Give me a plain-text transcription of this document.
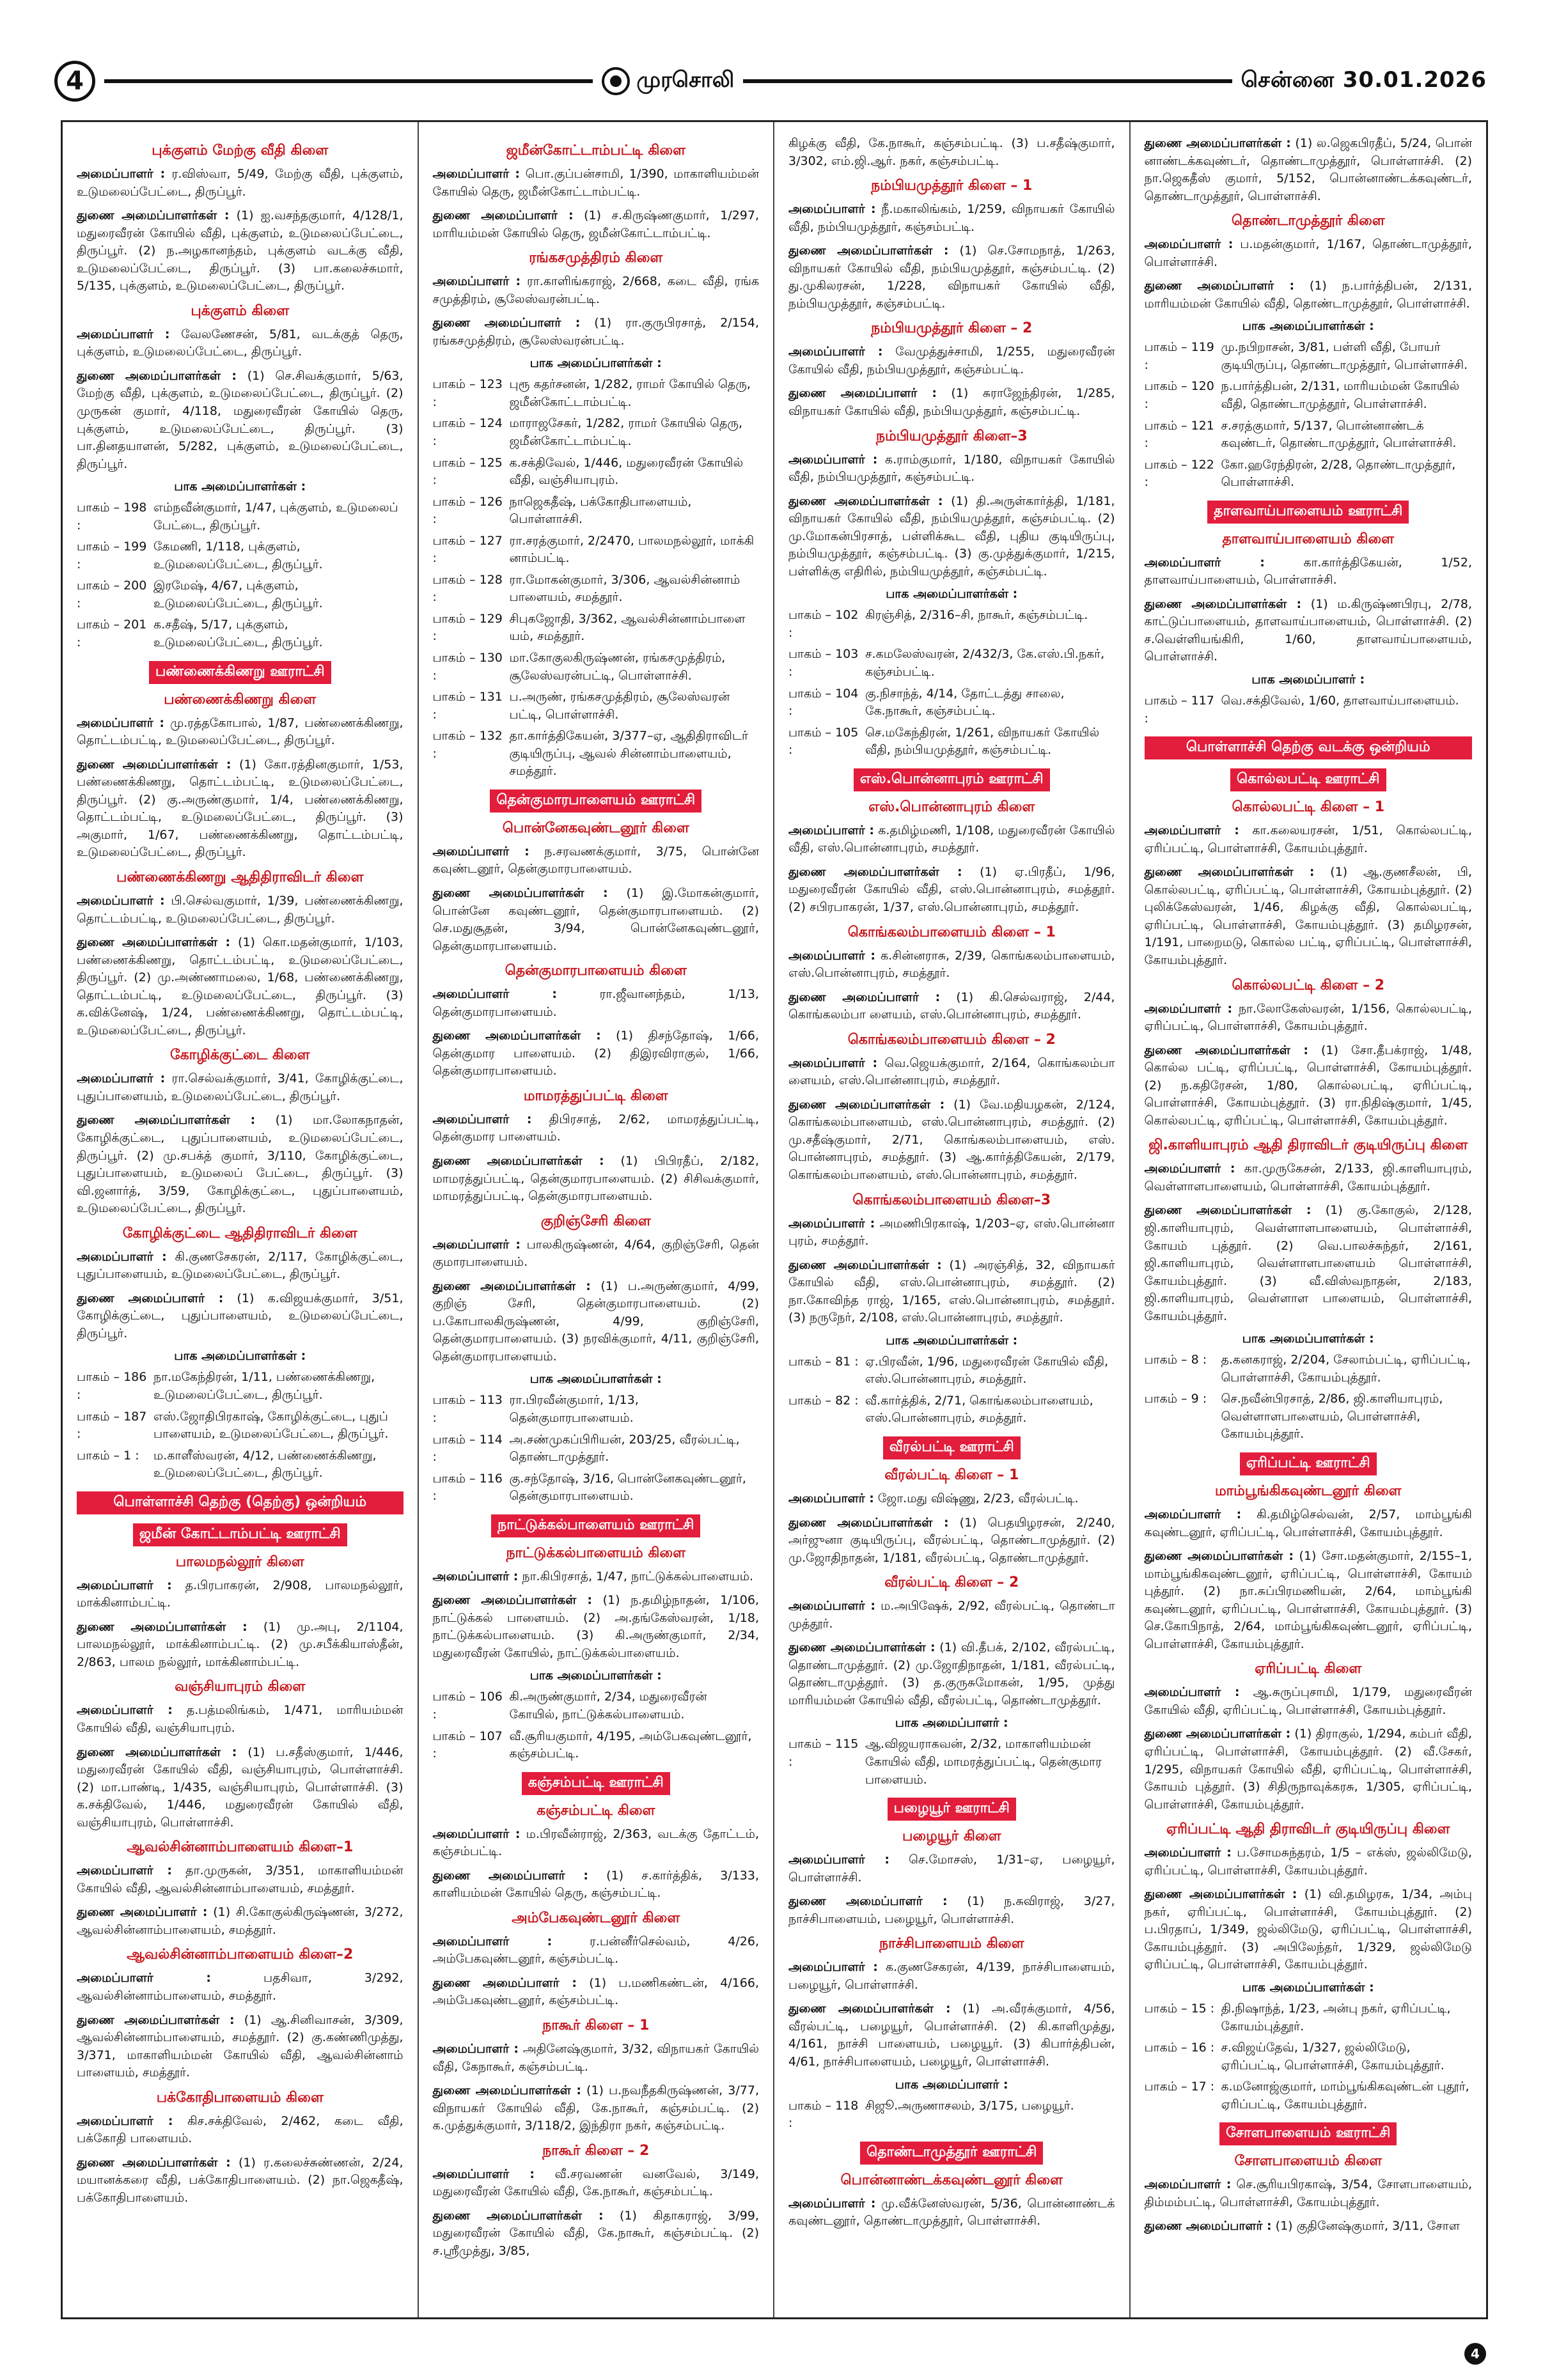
4	முரசொலி	சென்னை 30.01.2026
புக்குளம் மேற்கு வீதி கிளை

அமைப்பாளர் : ர.விஸ்வா, 5/49, மேற்கு வீதி, புக்குளம், உடுமலைப்பேட்டை, திருப்பூர்.

துணை அமைப்பாளர்கள் : (1) ஐ.வசந்தகுமார், 4/128/1, மதுரைவீரன் கோயில் வீதி, புக்குளம், உடுமலைப்பேட்டை, திருப்பூர். (2) ந.அழகானந்தம், புக்குளம் வடக்கு வீதி, உடுமலைப்பேட்டை, திருப்பூர். (3) பா.கலைச்சுமார், 5/135, புக்குளம், உடுமலைப்பேட்டை, திருப்பூர்.

புக்குளம் கிளை

அமைப்பாளர் : வேலணேசன், 5/81, வடக்குத் தெரு, புக்குளம், உடுமலைப்பேட்டை, திருப்பூர்.

துணை அமைப்பாளர்கள் : (1) செ.சிவக்குமார், 5/63, மேற்கு வீதி, புக்குளம், உடுமலைப்பேட்டை, திருப்பூர். (2) முருகன் குமார், 4/118, மதுரைவீரன் கோயில் தெரு, புக்குளம், உடுமலைப்பேட்டை, திருப்பூர். (3) பா.தினதயாளன், 5/282, புக்குளம், உடுமலைப்பேட்டை, திருப்பூர்.

பாக அமைப்பாளர்கள் :
பாகம் – 198 :
எம்நவீன்குமார், 1/47, புக்குளம், உடுமலைப் பேட்டை, திருப்பூர்.
பாகம் – 199 :
கேமணி, 1/118, புக்குளம், உடுமலைப்பேட்டை, திருப்பூர்.
பாகம் – 200 :
இரமேஷ், 4/67, புக்குளம், உடுமலைப்பேட்டை, திருப்பூர்.
பாகம் – 201 :
க.சதீஷ், 5/17, புக்குளம், உடுமலைப்பேட்டை, திருப்பூர்.
பண்ணைக்கிணறு ஊராட்சி
பண்ணைக்கிணறு கிளை

அமைப்பாளர் : மு.ரத்தகோபால், 1/87, பண்ணைக்கிணறு, தொட்டம்பட்டி, உடுமலைப்பேட்டை, திருப்பூர்.

துணை அமைப்பாளர்கள் : (1) கோ.ரத்தினகுமார், 1/53, பண்ணைக்கிணறு, தொட்டம்பட்டி, உடுமலைப்பேட்டை, திருப்பூர். (2) கு.அருண்குமார், 1/4, பண்ணைக்கிணறு, தொட்டம்பட்டி, உடுமலைப்பேட்டை, திருப்பூர். (3) அகுமார், 1/67, பண்ணைக்கிணறு, தொட்டம்பட்டி, உடுமலைப்பேட்டை, திருப்பூர்.

பண்ணைக்கிணறு ஆதிதிராவிடர் கிளை

அமைப்பாளர் : பி.செல்வகுமார், 1/39, பண்ணைக்கிணறு, தொட்டம்பட்டி, உடுமலைப்பேட்டை, திருப்பூர்.

துணை அமைப்பாளர்கள் : (1) கொ.மதன்குமார், 1/103, பண்ணைக்கிணறு, தொட்டம்பட்டி, உடுமலைப்பேட்டை, திருப்பூர். (2) மு.அண்ணாமலை, 1/68, பண்ணைக்கிணறு, தொட்டம்பட்டி, உடுமலைப்பேட்டை, திருப்பூர். (3) க.விக்னேஷ், 1/24, பண்ணைக்கிணறு, தொட்டம்பட்டி, உடுமலைப்பேட்டை, திருப்பூர்.

கோழிக்குட்டை கிளை

அமைப்பாளர் : ரா.செல்வக்குமார், 3/41, கோழிக்குட்டை, புதுப்பாளையம், உடுமலைப்பேட்டை, திருப்பூர்.

துணை அமைப்பாளர்கள் : (1) மா.லோகநாதன், கோழிக்குட்டை, புதுப்பாளையம், உடுமலைப்பேட்டை, திருப்பூர். (2) மு.சபக்த் குமார், 3/110, கோழிக்குட்டை, புதுப்பாளையம், உடுமலைப் பேட்டை, திருப்பூர். (3) வி.ஜனார்த், 3/59, கோழிக்குட்டை, புதுப்பாளையம், உடுமலைப்பேட்டை, திருப்பூர்.

கோழிக்குட்டை ஆதிதிராவிடர் கிளை

அமைப்பாளர் : கி.குணசேகரன், 2/117, கோழிக்குட்டை, புதுப்பாளையம், உடுமலைப்பேட்டை, திருப்பூர்.

துணை அமைப்பாளர் : (1) க.விஜயக்குமார், 3/51, கோழிக்குட்டை, புதுப்பாளையம், உடுமலைப்பேட்டை, திருப்பூர்.

பாக அமைப்பாளர்கள் :
பாகம் – 186 :
நா.மகேந்திரன், 1/11, பண்ணைக்கிணறு, உடுமலைப்பேட்டை, திருப்பூர்.
பாகம் – 187 :
எஸ்.ஜோதிபிரகாஷ், கோழிக்குட்டை, புதுப் பாளையம், உடுமலைப்பேட்டை, திருப்பூர்.
பாகம் – 1 :	ம.காளீஸ்வரன், 4/12, பண்ணைக்கிணறு, உடுமலைப்பேட்டை, திருப்பூர்.
பொள்ளாச்சி தெற்கு (தெற்கு) ஒன்றியம்
ஜமீன் கோட்டாம்பட்டி ஊராட்சி
பாலமநல்லூர் கிளை

அமைப்பாளர் : த.பிரபாகரன், 2/908, பாலமநல்லூர், மாக்கினாம்பட்டி.

துணை அமைப்பாளர்கள் : (1) மு.அபு, 2/1104, பாலமநல்லூர், மாக்கினாம்பட்டி. (2) மு.சபீக்கியாஸ்தீன், 2/863, பாலம நல்லூர், மாக்கினாம்பட்டி.

வஞ்சியாபுரம் கிளை

அமைப்பாளர் : த.பத்மலிங்கம், 1/471, மாரியம்மன் கோயில் வீதி, வஞ்சியாபுரம்.

துணை அமைப்பாளர்கள் : (1) ப.சதீஸ்குமார், 1/446, மதுரைவீரன் கோயில் வீதி, வஞ்சியாபுரம், பொள்ளாச்சி. (2) மா.பாண்டி, 1/435, வஞ்சியாபுரம், பொள்ளாச்சி. (3) க.சக்திவேல், 1/446, மதுரைவீரன் கோயில் வீதி, வஞ்சியாபுரம், பொள்ளாச்சி.

ஆவல்சின்னாம்பாளையம் கிளை–1

அமைப்பாளர் : தா.முருகன், 3/351, மாகாளியம்மன் கோயில் வீதி, ஆவல்சின்னாம்பாளையம், சமத்தூர்.

துணை அமைப்பாளர் : (1) சி.கோகுல்கிருஷ்ணன், 3/272, ஆவல்சின்னாம்பாளையம், சமத்தூர்.

ஆவல்சின்னாம்பாளையம் கிளை–2

அமைப்பாளர் : பதசிவா, 3/292, ஆவல்சின்னாம்பாளையம், சமத்தூர்.

துணை அமைப்பாளர்கள் : (1) ஆ.சினிவாசன், 3/309, ஆவல்சின்னாம்பாளையம், சமத்தூர். (2) கு.கண்ணிமுத்து, 3/371, மாகாளியம்மன் கோயில் வீதி, ஆவல்சின்னாம் பாளையம், சமத்தூர்.

பக்கோதிபாளையம் கிளை

அமைப்பாளர் : கிச.சக்திவேல், 2/462, கடை வீதி, பக்கோதி பாளையம்.

துணை அமைப்பாளர்கள் : (1) ர.கலைச்சுண்ணன், 2/24, மயானக்கரை வீதி, பக்கோதிபாளையம். (2) நா.ஜெகதீஷ், பக்கோதிபாளையம்.

ஜமீன்கோட்டாம்பட்டி கிளை

அமைப்பாளர் : பொ.குப்பன்சாமி, 1/390, மாகாளியம்மன் கோயில் தெரு, ஜமீன்கோட்டாம்பட்டி.

துணை அமைப்பாளர் : (1) ச.கிருஷ்ணகுமார், 1/297, மாரியம்மன் கோயில் தெரு, ஜமீன்கோட்டாம்பட்டி.

ரங்கசமுத்திரம் கிளை

அமைப்பாளர் : ரா.காளிங்கராஜ், 2/668, கடை வீதி, ரங்க சமுத்திரம், சூலேஸ்வரன்பட்டி.

துணை அமைப்பாளர் : (1) ரா.குருபிரசாத், 2/154, ரங்கசமுத்திரம், சூலேஸ்வரன்பட்டி.

பாக அமைப்பாளர்கள் :
பாகம் – 123 :
புரூ கதர்சனன், 1/282, ராமர் கோயில் தெரு, ஜமீன்கோட்டாம்பட்டி.
பாகம் – 124 :
மாராஜசேகர், 1/282, ராமர் கோயில் தெரு, ஜமீன்கோட்டாம்பட்டி.
பாகம் – 125 :
க.சக்திவேல், 1/446, மதுரைவீரன் கோயில் வீதி, வஞ்சியாபுரம்.
பாகம் – 126 :
நாஜெகதீஷ், பக்கோதிபாளையம், பொள்ளாச்சி.
பாகம் – 127 :
ரா.சரத்குமார், 2/2470, பாலமநல்லூர், மாக்கி னாம்பட்டி.
பாகம் – 128 :
ரா.மோகன்குமார், 3/306, ஆவல்சின்னாம் பாளையம், சமத்தூர்.
பாகம் – 129 :
சிபுகஜோதி, 3/362, ஆவல்சின்னாம்பாளை யம், சமத்தூர்.
பாகம் – 130 :
மா.கோகுலகிருஷ்ணன், ரங்கசமுத்திரம், சூலேஸ்வரன்பட்டி, பொள்ளாச்சி.
பாகம் – 131 :
ப.அருண், ரங்கசமுத்திரம், சூலேஸ்வரன் பட்டி, பொள்ளாச்சி.
பாகம் – 132 :
தா.கார்த்திகேயன், 3/377–ஏ, ஆதிதிராவிடர் குடியிருப்பு, ஆவல் சின்னாம்பாளையம், சமத்தூர்.
தென்குமாரபாளையம் ஊராட்சி
பொன்னேகவுண்டனூர் கிளை

அமைப்பாளர் : ந.சரவணக்குமார், 3/75, பொன்னே கவுண்டனூர், தென்குமாரபாளையம்.

துணை அமைப்பாளர்கள் : (1) இ.மோகன்குமார், பொன்னே கவுண்டனூர், தென்குமாரபாளையம். (2) செ.மதுசூதன், 3/94, பொன்னேகவுண்டனூர், தென்குமாரபாளையம்.

தென்குமாரபாளையம் கிளை

அமைப்பாளர் : ரா.ஜீவானந்தம், 1/13, தென்குமாரபாளையம்.

துணை அமைப்பாளர்கள் : (1) திசந்தோஷ், 1/66, தென்குமார பாளையம். (2) திஇரவிராகுல், 1/66, தென்குமாரபாளையம்.

மாமரத்துப்பட்டி கிளை

அமைப்பாளர் : திபிரசாத், 2/62, மாமரத்துப்பட்டி, தென்குமார பாளையம்.

துணை அமைப்பாளர்கள் : (1) பிபிரதீப், 2/182, மாமரத்துப்பட்டி, தென்குமாரபாளையம். (2) சிசிவக்குமார், மாமரத்துப்பட்டி, தென்குமாரபாளையம்.

குறிஞ்சேரி கிளை

அமைப்பாளர் : பாலகிருஷ்ணன், 4/64, குறிஞ்சேரி, தென் குமாரபாளையம்.

துணை அமைப்பாளர்கள் : (1) ப.அருண்குமார், 4/99, குறிஞ் சேரி, தென்குமாரபாளையம். (2) ப.கோபாலகிருஷ்ணன், 4/99, குறிஞ்சேரி, தென்குமாரபாளையம். (3) நரவிக்குமார், 4/11, குறிஞ்சேரி, தென்குமாரபாளையம்.

பாக அமைப்பாளர்கள் :
பாகம் – 113 :
ரா.பிரவீன்குமார், 1/13, தென்குமாரபாளையம்.
பாகம் – 114 :
அ.சண்முகப்பிரியன், 203/25, வீரல்பட்டி, தொண்டாமுத்தூர்.
பாகம் – 116 :
கு.சந்தோஷ், 3/16, பொன்னேகவுண்டனூர், தென்குமாரபாளையம்.
நாட்டுக்கல்பாளையம் ஊராட்சி
நாட்டுக்கல்பாளையம் கிளை

அமைப்பாளர் : நா.கிபிரசாத், 1/47, நாட்டுக்கல்பாளையம்.

துணை அமைப்பாளர்கள் : (1) ந.தமிழ்நாதன், 1/106, நாட்டுக்கல் பாளையம். (2) அ.தங்கேஸ்வரன், 1/18, நாட்டுக்கல்பாளையம். (3) கி.அருண்குமார், 2/34, மதுரைவீரன் கோயில், நாட்டுக்கல்பாளையம்.

பாக அமைப்பாளர்கள் :
பாகம் – 106 :
கி.அருண்குமார், 2/34, மதுரைவீரன் கோயில், நாட்டுக்கல்பாளையம்.
பாகம் – 107 :
வீ.சூரியகுமார், 4/195, அம்பேகவுண்டனூர், கஞ்சம்பட்டி.
கஞ்சம்பட்டி ஊராட்சி
கஞ்சம்பட்டி கிளை

அமைப்பாளர் : ம.பிரவீன்ராஜ், 2/363, வடக்கு தோட்டம், கஞ்சம்பட்டி.

துணை அமைப்பாளர் : (1) ச.கார்த்திக், 3/133, காளியம்மன் கோயில் தெரு, கஞ்சம்பட்டி.

அம்பேகவுண்டனூர் கிளை

அமைப்பாளர் : ர.பன்னீர்செல்வம், 4/26, அம்பேகவுண்டனூர், கஞ்சம்பட்டி.

துணை அமைப்பாளர் : (1) ப.மணிகண்டன், 4/166, அம்பேகவுண்டனூர், கஞ்சம்பட்டி.

நாகூர் கிளை – 1

அமைப்பாளர் : அதினேஷ்குமார், 3/32, விநாயகர் கோயில் வீதி, கேநாகூர், கஞ்சம்பட்டி.

துணை அமைப்பாளர்கள் : (1) ப.நவநீதகிருஷ்ணன், 3/77, விநாயகர் கோயில் வீதி, கே.நாகூர், கஞ்சம்பட்டி. (2) க.முத்துக்குமார், 3/118/2, இந்திரா நகர், கஞ்சம்பட்டி.

நாகூர் கிளை – 2

அமைப்பாளர் : வீ.சரவணன் வனவேல், 3/149, மதுரைவீரன் கோயில் வீதி, கே.நாகூர், கஞ்சம்பட்டி.

துணை அமைப்பாளர்கள் : (1) கிதாகராஜ், 3/99, மதுரைவீரன் கோயில் வீதி, கே.நாகூர், கஞ்சம்பட்டி. (2) ச.ஸ்ரீமுத்து, 3/85,

கிழக்கு வீதி, கே.நாகூர், கஞ்சம்பட்டி. (3) ப.சதீஷ்குமார், 3/302, எம்.ஜி.ஆர். நகர், கஞ்சம்பட்டி.

நம்பியமுத்தூர் கிளை – 1

அமைப்பாளர் : நீ.மகாலிங்கம், 1/259, விநாயகர் கோயில் வீதி, நம்பியமுத்தூர், கஞ்சம்பட்டி.

துணை அமைப்பாளர்கள் : (1) செ.சோமநாத், 1/263, விநாயகர் கோயில் வீதி, நம்பியமுத்தூர், கஞ்சம்பட்டி. (2) து.முகிலரசன், 1/228, விநாயகர் கோயில் வீதி, நம்பியமுத்தூர், கஞ்சம்பட்டி.

நம்பியமுத்தூர் கிளை – 2

அமைப்பாளர் : வேமுத்துச்சாமி, 1/255, மதுரைவீரன் கோயில் வீதி, நம்பியமுத்தூர், கஞ்சம்பட்டி.

துணை அமைப்பாளர் : (1) சுராஜேந்திரன், 1/285, விநாயகர் கோயில் வீதி, நம்பியமுத்தூர், கஞ்சம்பட்டி.

நம்பியமுத்தூர் கிளை–3

அமைப்பாளர் : க.ராம்குமார், 1/180, விநாயகர் கோயில் வீதி, நம்பியமுத்தூர், கஞ்சம்பட்டி.

துணை அமைப்பாளர்கள் : (1) தி.அருள்கார்த்தி, 1/181, விநாயகர் கோயில் வீதி, நம்பியமுத்தூர், கஞ்சம்பட்டி. (2) மு.மோகன்பிரசாத், பள்ளிக்கூட வீதி, புதிய குடியிருப்பு, நம்பியமுத்தூர், கஞ்சம்பட்டி. (3) கு.முத்துக்குமார், 1/215, பள்ளிக்கு எதிரில், நம்பியமுத்தூர், கஞ்சம்பட்டி.

பாக அமைப்பாளர்கள் :
பாகம் – 102 :
கிரஞ்சித், 2/316–சி, நாகூர், கஞ்சம்பட்டி.
பாகம் – 103 :
ச.கமலேஸ்வரன், 2/432/3, கே.எஸ்.பி.நகர், கஞ்சம்பட்டி.
பாகம் – 104 :
கு.நிசாந்த், 4/14, தோட்டத்து சாலை, கே.நாகூர், கஞ்சம்பட்டி.
பாகம் – 105 :
செ.மகேந்திரன், 1/261, விநாயகர் கோயில் வீதி, நம்பியமுத்தூர், கஞ்சம்பட்டி.
எஸ்.பொன்னாபுரம் ஊராட்சி
எஸ்.பொன்னாபுரம் கிளை

அமைப்பாளர் : க.தமிழ்மணி, 1/108, மதுரைவீரன் கோயில் வீதி, எஸ்.பொன்னாபுரம், சமத்தூர்.

துணை அமைப்பாளர்கள் : (1) ஏ.பிரதீப், 1/96, மதுரைவீரன் கோயில் வீதி, எஸ்.பொன்னாபுரம், சமத்தூர். (2) சபிரபாகரன், 1/37, எஸ்.பொன்னாபுரம், சமத்தூர்.

கொங்கலம்பாளையம் கிளை – 1

அமைப்பாளர் : க.சின்னராசு, 2/39, கொங்கலம்பாளையம், எஸ்.பொன்னாபுரம், சமத்தூர்.

துணை அமைப்பாளர் : (1) கி.செல்வராஜ், 2/44, கொங்கலம்பா ளையம், எஸ்.பொன்னாபுரம், சமத்தூர்.

கொங்கலம்பாளையம் கிளை – 2

அமைப்பாளர் : வெ.ஜெயக்குமார், 2/164, கொங்கலம்பா ளையம், எஸ்.பொன்னாபுரம், சமத்தூர்.

துணை அமைப்பாளர்கள் : (1) வே.மதியழகன், 2/124, கொங்கலம்பாளையம், எஸ்.பொன்னாபுரம், சமத்தூர். (2) மு.சதீஷ்குமார், 2/71, கொங்கலம்பாளையம், எஸ். பொன்னாபுரம், சமத்தூர். (3) ஆ.கார்த்திகேயன், 2/179, கொங்கலம்பாளையம், எஸ்.பொன்னாபுரம், சமத்தூர்.

கொங்கலம்பாளையம் கிளை–3

அமைப்பாளர் : அமணிபிரகாஷ், 1/203–ஏ, எஸ்.பொன்னா புரம், சமத்தூர்.

துணை அமைப்பாளர்கள் : (1) அரஞ்சித், 32, விநாயகர் கோயில் வீதி, எஸ்.பொன்னாபுரம், சமத்தூர். (2) நா.கோவிந்த ராஜ், 1/165, எஸ்.பொன்னாபுரம், சமத்தூர். (3) நருநேர், 2/108, எஸ்.பொன்னாபுரம், சமத்தூர்.

பாக அமைப்பாளர்கள் :
பாகம் – 81 : ஏ.பிரவீன், 1/96, மதுரைவீரன் கோயில் வீதி, எஸ்.பொன்னாபுரம், சமத்தூர்.
பாகம் – 82 : வீ.கார்த்திக், 2/71, கொங்கலம்பாளையம், எஸ்.பொன்னாபுரம், சமத்தூர்.
வீரல்பட்டி ஊராட்சி
வீரல்பட்டி கிளை – 1

அமைப்பாளர் : ஜோ.மது விஷ்ணு, 2/23, வீரல்பட்டி.

துணை அமைப்பாளர்கள் : (1) பெதயிழரசன், 2/240, அர்ஜுனா குடியிருப்பு, வீரல்பட்டி, தொண்டாமுத்தூர். (2) மு.ஜோதிநாதன், 1/181, வீரல்பட்டி, தொண்டாமுத்தூர்.

வீரல்பட்டி கிளை – 2

அமைப்பாளர் : ம.அபிஷேக், 2/92, வீரல்பட்டி, தொண்டா முத்தூர்.

துணை அமைப்பாளர்கள் : (1) வி.தீபக், 2/102, வீரல்பட்டி, தொண்டாமுத்தூர். (2) மு.ஜோதிநாதன், 1/181, வீரல்பட்டி, தொண்டாமுத்தூர். (3) த.குருசுமோகன், 1/95, முத்து மாரியம்மன் கோயில் வீதி, வீரல்பட்டி, தொண்டாமுத்தூர்.

பாக அமைப்பாளர் :
பாகம் – 115 :
ஆ.விஜயராகவன், 2/32, மாகாளியம்மன் கோயில் வீதி, மாமரத்துப்பட்டி, தென்குமார பாளையம்.
பழையூர் ஊராட்சி
பழையூர் கிளை

அமைப்பாளர் : செ.மோசஸ், 1/31–ஏ, பழையூர், பொள்ளாச்சி.

துணை அமைப்பாளர் : (1) ந.சுவிராஜ், 3/27, நாச்சிபாளையம், பழையூர், பொள்ளாச்சி.

நாச்சிபாளையம் கிளை

அமைப்பாளர் : க.குணசேகரன், 4/139, நாச்சிபாளையம், பழையூர், பொள்ளாச்சி.

துணை அமைப்பாளர்கள் : (1) அ.வீரக்குமார், 4/56, வீரல்பட்டி, பழையூர், பொள்ளாச்சி. (2) கி.காளிமுத்து, 4/161, நாச்சி பாளையம், பழையூர். (3) கிபார்த்திபன், 4/61, நாச்சிபாளையம், பழையூர், பொள்ளாச்சி.

பாக அமைப்பாளர் :
பாகம் – 118 :
சிஜூ.அருணாசலம், 3/175, பழையூர்.
தொண்டாமுத்தூர் ஊராட்சி
பொன்னாண்டக்கவுண்டனூர் கிளை

அமைப்பாளர் : மு.வீக்னேஸ்வரன், 5/36, பொன்னாண்டக் கவுண்டனூர், தொண்டாமுத்தூர், பொள்ளாச்சி.

துணை அமைப்பாளர்கள் : (1) ல.ஜெகபிரதீப், 5/24, பொன் னாண்டக்கவுண்டர், தொண்டாமுத்தூர், பொள்ளாச்சி. (2) நா.ஜெகதீஸ் குமார், 5/152, பொன்னாண்டக்கவுண்டர், தொண்டாமுத்தூர், பொள்ளாச்சி.

தொண்டாமுத்தூர் கிளை

அமைப்பாளர் : ப.மதன்குமார், 1/167, தொண்டாமுத்தூர், பொள்ளாச்சி.

துணை அமைப்பாளர் : (1) ந.பார்த்திபன், 2/131, மாரியம்மன் கோயில் வீதி, தொண்டாமுத்தூர், பொள்ளாச்சி.

பாக அமைப்பாளர்கள் :
பாகம் – 119 :
மு.நபிறாசன், 3/81, பள்ளி வீதி, போயர் குடியிருப்பு, தொண்டாமுத்தூர், பொள்ளாச்சி.
பாகம் – 120 :
ந.பார்த்திபன், 2/131, மாரியம்மன் கோயில் வீதி, தொண்டாமுத்தூர், பொள்ளாச்சி.
பாகம் – 121 :
ச.சரத்குமார், 5/137, பொன்னாண்டக் கவுண்டர், தொண்டாமுத்தூர், பொள்ளாச்சி.
பாகம் – 122 :
கோ.ஹரேந்திரன், 2/28, தொண்டாமுத்தூர், பொள்ளாச்சி.
தாளவாய்பாளையம் ஊராட்சி
தாளவாய்பாளையம் கிளை

அமைப்பாளர் : கா.கார்த்திகேயன், 1/52, தாளவாய்பாளையம், பொள்ளாச்சி.

துணை அமைப்பாளர்கள் : (1) ம.கிருஷ்ணபிரபு, 2/78, காட்டுப்பாளையம், தாளவாய்பாளையம், பொள்ளாச்சி. (2) ச.வெள்ளியங்கிரி, 1/60, தாளவாய்பாளையம், பொள்ளாச்சி.

பாக அமைப்பாளர் :
பாகம் – 117 :
வெ.சக்திவேல், 1/60, தாளவாய்பாளையம்.
பொள்ளாச்சி தெற்கு வடக்கு ஒன்றியம்
கொல்லபட்டி ஊராட்சி
கொல்லபட்டி கிளை – 1

அமைப்பாளர் : கா.கலையரசன், 1/51, கொல்லபட்டி, ஏரிப்பட்டி, பொள்ளாச்சி, கோயம்புத்தூர்.

துணை அமைப்பாளர்கள் : (1) ஆ.குணசீலன், பி, கொல்லபட்டி, ஏரிப்பட்டி, பொள்ளாச்சி, கோயம்புத்தூர். (2) புலிக்கேஸ்வரன், 1/46, கிழக்கு வீதி, கொல்லபட்டி, ஏரிப்பட்டி, பொள்ளாச்சி, கோயம்புத்தூர். (3) தமிழரசன், 1/191, பாறைமடு, கொல்ல பட்டி, ஏரிப்பட்டி, பொள்ளாச்சி, கோயம்புத்தூர்.

கொல்லபட்டி கிளை – 2

அமைப்பாளர் : நா.லோகேஸ்வரன், 1/156, கொல்லபட்டி, ஏரிப்பட்டி, பொள்ளாச்சி, கோயம்புத்தூர்.

துணை அமைப்பாளர்கள் : (1) சோ.தீபக்ராஜ், 1/48, கொல்ல பட்டி, ஏரிப்பட்டி, பொள்ளாச்சி, கோயம்புத்தூர். (2) ந.கதிரேசன், 1/80, கொல்லபட்டி, ஏரிப்பட்டி, பொள்ளாச்சி, கோயம்புத்தூர். (3) ரா.நிதிஷ்குமார், 1/45, கொல்லபட்டி, ஏரிப்பட்டி, பொள்ளாச்சி, கோயம்புத்தூர்.

ஜி.காளியாபுரம் ஆதி திராவிடர் குடியிருப்பு கிளை

அமைப்பாளர் : கா.முருகேசன், 2/133, ஜி.காளியாபுரம், வெள்ளாளபாளையம், பொள்ளாச்சி, கோயம்புத்தூர்.

துணை அமைப்பாளர்கள் : (1) கு.கோகுல், 2/128, ஜி.காளியாபுரம், வெள்ளாளபாளையம், பொள்ளாச்சி, கோயம் புத்தூர். (2) வெ.பாலச்சுந்தர், 2/161, ஜி.காளியாபுரம், வெள்ளாளபாளையம் பொள்ளாச்சி, கோயம்புத்தூர். (3) வீ.விஸ்வநாதன், 2/183, ஜி.காளியாபுரம், வெள்ளாள பாளையம், பொள்ளாச்சி, கோயம்புத்தூர்.

பாக அமைப்பாளர்கள் :
பாகம் – 8 :	த.கனகராஜ், 2/204, சேலாம்பட்டி, ஏரிப்பட்டி, பொள்ளாச்சி, கோயம்புத்தூர்.
பாகம் – 9 :	செ.நவீன்பிரசாத், 2/86, ஜி.காளியாபுரம், வெள்ளாளபாளையம், பொள்ளாச்சி, கோயம்புத்தூர்.
ஏரிப்பட்டி ஊராட்சி
மாம்பூங்கிகவுண்டனூர் கிளை

அமைப்பாளர் : கி.தமிழ்செல்வன், 2/57, மாம்பூங்கி கவுண்டனூர், ஏரிப்பட்டி, பொள்ளாச்சி, கோயம்புத்தூர்.

துணை அமைப்பாளர்கள் : (1) சோ.மதன்குமார், 2/155–1, மாம்பூங்கிகவுண்டனூர், ஏரிப்பட்டி, பொள்ளாச்சி, கோயம் புத்தூர். (2) நா.சுப்பிரமணியன், 2/64, மாம்பூங்கி கவுண்டனூர், ஏரிப்பட்டி, பொள்ளாச்சி, கோயம்புத்தூர். (3) செ.கோபிநாத், 2/64, மாம்பூங்கிகவுண்டனூர், ஏரிப்பட்டி, பொள்ளாச்சி, கோயம்புத்தூர்.

ஏரிப்பட்டி கிளை

அமைப்பாளர் : ஆ.சுருப்புசாமி, 1/179, மதுரைவீரன் கோயில் வீதி, ஏரிப்பட்டி, பொள்ளாச்சி, கோயம்புத்தூர்.

துணை அமைப்பாளர்கள் : (1) திராகுல், 1/294, கம்பர் வீதி, ஏரிப்பட்டி, பொள்ளாச்சி, கோயம்புத்தூர். (2) வீ.சேகர், 1/295, விநாயகர் கோயில் வீதி, ஏரிப்பட்டி, பொள்ளாச்சி, கோயம் புத்தூர். (3) சிதிருநாவுக்கரசு, 1/305, ஏரிப்பட்டி, பொள்ளாச்சி, கோயம்புத்தூர்.

ஏரிப்பட்டி ஆதி திராவிடர் குடியிருப்பு கிளை

அமைப்பாளர் : ப.சோமசுந்தரம், 1/5 – எக்ஸ், ஜல்லிமேடு, ஏரிப்பட்டி, பொள்ளாச்சி, கோயம்புத்தூர்.

துணை அமைப்பாளர்கள் : (1) வி.தமிழரசு, 1/34, அம்பு நகர், ஏரிப்பட்டி, பொள்ளாச்சி, கோயம்புத்தூர். (2) ப.பிரதாப், 1/349, ஜல்லிமேடு, ஏரிப்பட்டி, பொள்ளாச்சி, கோயம்புத்தூர். (3) அபிலேந்தர், 1/329, ஜல்லிமேடு ஏரிப்பட்டி, பொள்ளாச்சி, கோயம்புத்தூர்.

பாக அமைப்பாளர்கள் :
பாகம் – 15 : தி.நிஷாந்த், 1/23, அன்பு நகர், ஏரிப்பட்டி, கோயம்புத்தூர்.
பாகம் – 16 : ச.விஜய்தேவ், 1/327, ஜல்லிமேடு, ஏரிப்பட்டி, பொள்ளாச்சி, கோயம்புத்தூர்.
பாகம் – 17 : க.மனோஜ்குமார், மாம்பூங்கிகவுண்டன் புதூர், ஏரிப்பட்டி, கோயம்புத்தூர்.
சோளபாளையம் ஊராட்சி
சோளபாளையம் கிளை

அமைப்பாளர் : செ.சூரியபிரகாஷ், 3/54, சோளபாளையம், திம்மம்பட்டி, பொள்ளாச்சி, கோயம்புத்தூர்.

துணை அமைப்பாளர் : (1) குதினேஷ்குமார், 3/11, சோள

4
